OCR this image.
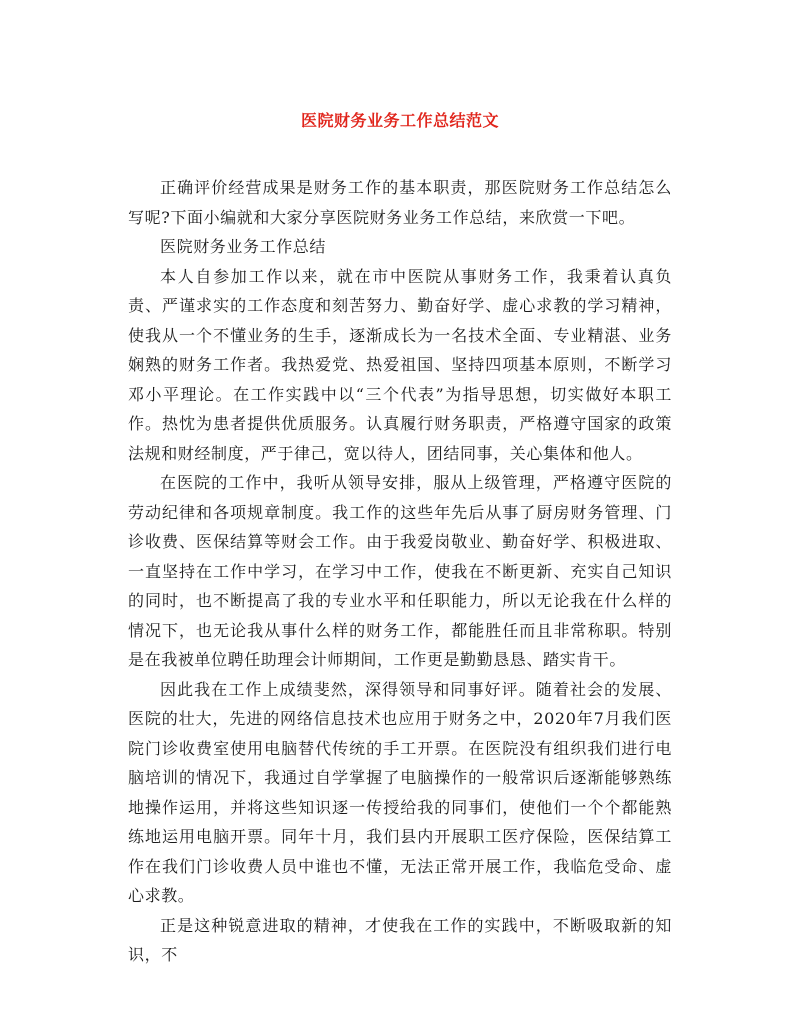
医院财务业务工作总结范文

正确评价经营成果是财务工作的基本职责，那医院财务工作总结怎么写呢?下面小编就和大家分享医院财务业务工作总结，来欣赏一下吧。

医院财务业务工作总结

本人自参加工作以来，就在市中医院从事财务工作，我秉着认真负责、严谨求实的工作态度和刻苦努力、勤奋好学、虚心求教的学习精神，使我从一个不懂业务的生手，逐渐成长为一名技术全面、专业精湛、业务娴熟的财务工作者。我热爱党、热爱祖国、坚持四项基本原则，不断学习邓小平理论。在工作实践中以“三个代表”为指导思想，切实做好本职工作。热忱为患者提供优质服务。认真履行财务职责，严格遵守国家的政策法规和财经制度，严于律己，宽以待人，团结同事，关心集体和他人。

在医院的工作中，我听从领导安排，服从上级管理，严格遵守医院的劳动纪律和各项规章制度。我工作的这些年先后从事了厨房财务管理、门诊收费、医保结算等财会工作。由于我爱岗敬业、勤奋好学、积极进取、一直坚持在工作中学习，在学习中工作，使我在不断更新、充实自己知识的同时，也不断提高了我的专业水平和任职能力，所以无论我在什么样的情况下，也无论我从事什么样的财务工作，都能胜任而且非常称职。特别是在我被单位聘任助理会计师期间，工作更是勤勤恳恳、踏实肯干。

因此我在工作上成绩斐然，深得领导和同事好评。随着社会的发展、医院的壮大，先进的网络信息技术也应用于财务之中，2020年7月我们医院门诊收费室使用电脑替代传统的手工开票。在医院没有组织我们进行电脑培训的情况下，我通过自学掌握了电脑操作的一般常识后逐渐能够熟练地操作运用，并将这些知识逐一传授给我的同事们，使他们一个个都能熟练地运用电脑开票。同年十月，我们县内开展职工医疗保险，医保结算工作在我们门诊收费人员中谁也不懂，无法正常开展工作，我临危受命、虚心求教。

正是这种锐意进取的精神，才使我在工作的实践中，不断吸取新的知识，不
